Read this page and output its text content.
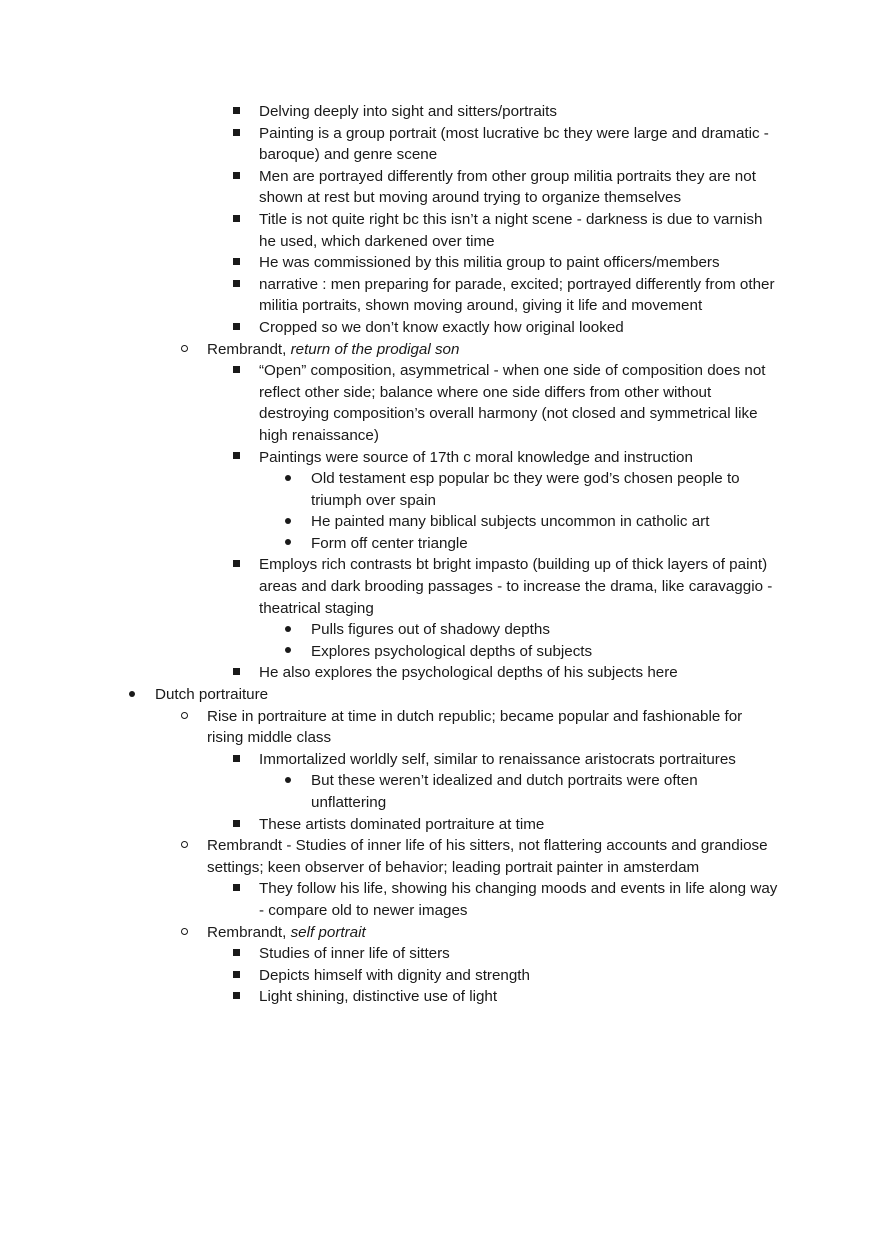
Delving deeply into sight and sitters/portraits
Painting is a group portrait (most lucrative bc they were large and dramatic - baroque) and genre scene
Men are portrayed differently from other group militia portraits they are not shown at rest but moving around trying to organize themselves
Title is not quite right bc this isn’t a night scene - darkness is due to varnish he used, which darkened over time
He was commissioned by this militia group to paint officers/members
narrative : men preparing for parade, excited; portrayed differently from other militia portraits, shown moving around, giving it life and movement
Cropped so we don’t know exactly how original looked
Rembrandt, return of the prodigal son
“Open” composition, asymmetrical - when one side of composition does not reflect other side; balance where one side differs from other without destroying composition’s overall harmony (not closed and symmetrical like high renaissance)
Paintings were source of 17th c moral knowledge and instruction
Old testament esp popular bc they were god’s chosen people to triumph over spain
He painted many biblical subjects uncommon in catholic art
Form off center triangle
Employs rich contrasts bt bright impasto (building up of thick layers of paint) areas and dark brooding passages - to increase the drama, like caravaggio - theatrical staging
Pulls figures out of shadowy depths
Explores psychological depths of subjects
He also explores the psychological depths of his subjects here
Dutch portraiture
Rise in portraiture at time in dutch republic; became popular and fashionable for rising middle class
Immortalized worldly self, similar to renaissance aristocrats portraitures
But these weren’t idealized and dutch portraits were often unflattering
These artists dominated portraiture at time
Rembrandt - Studies of inner life of his sitters, not flattering accounts and grandiose settings; keen observer of behavior; leading portrait painter in amsterdam
They follow his life, showing his changing moods and events in life along way - compare old to newer images
Rembrandt, self portrait
Studies of inner life of sitters
Depicts himself with dignity and strength
Light shining, distinctive use of light
